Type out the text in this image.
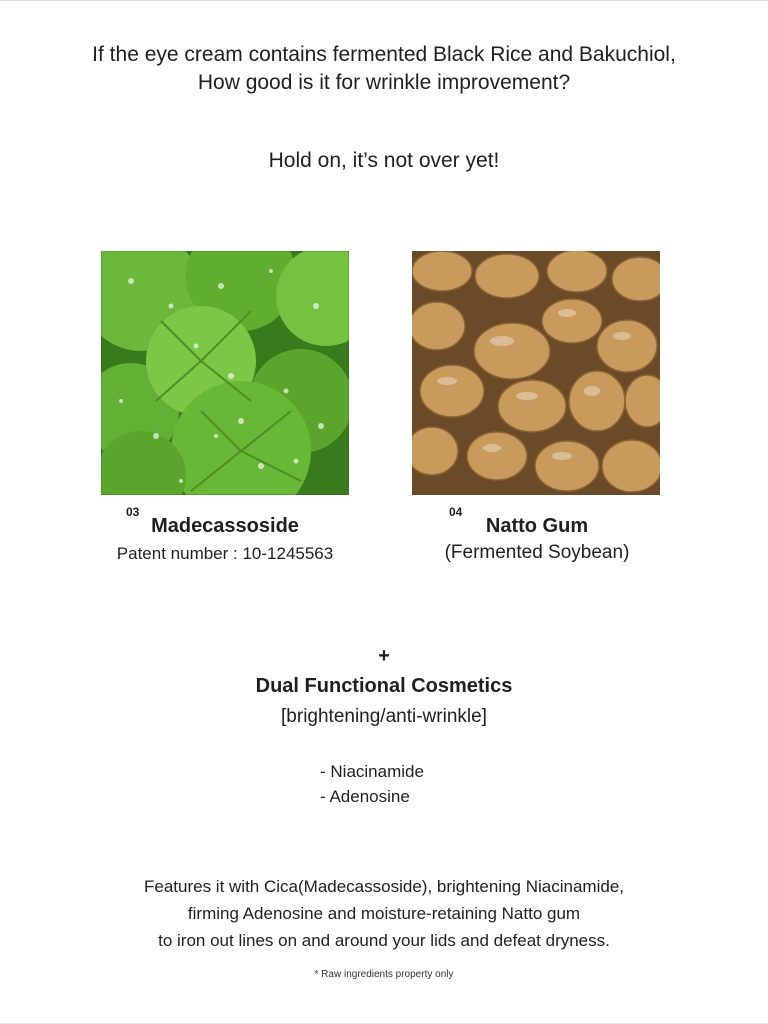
If the eye cream contains fermented Black Rice and Bakuchiol,
How good is it for wrinkle improvement?
Hold on, it’s not over yet!
03
Madecassoside
Patent number : 10-1245563
04
Natto Gum
(Fermented Soybean)
+
Dual Functional Cosmetics
[brightening/anti-wrinkle]
- Niacinamide
- Adenosine
Features it with Cica(Madecassoside), brightening Niacinamide,
firming Adenosine and moisture-retaining Natto gum
to iron out lines on and around your lids and defeat dryness.
* Raw ingredients property only
